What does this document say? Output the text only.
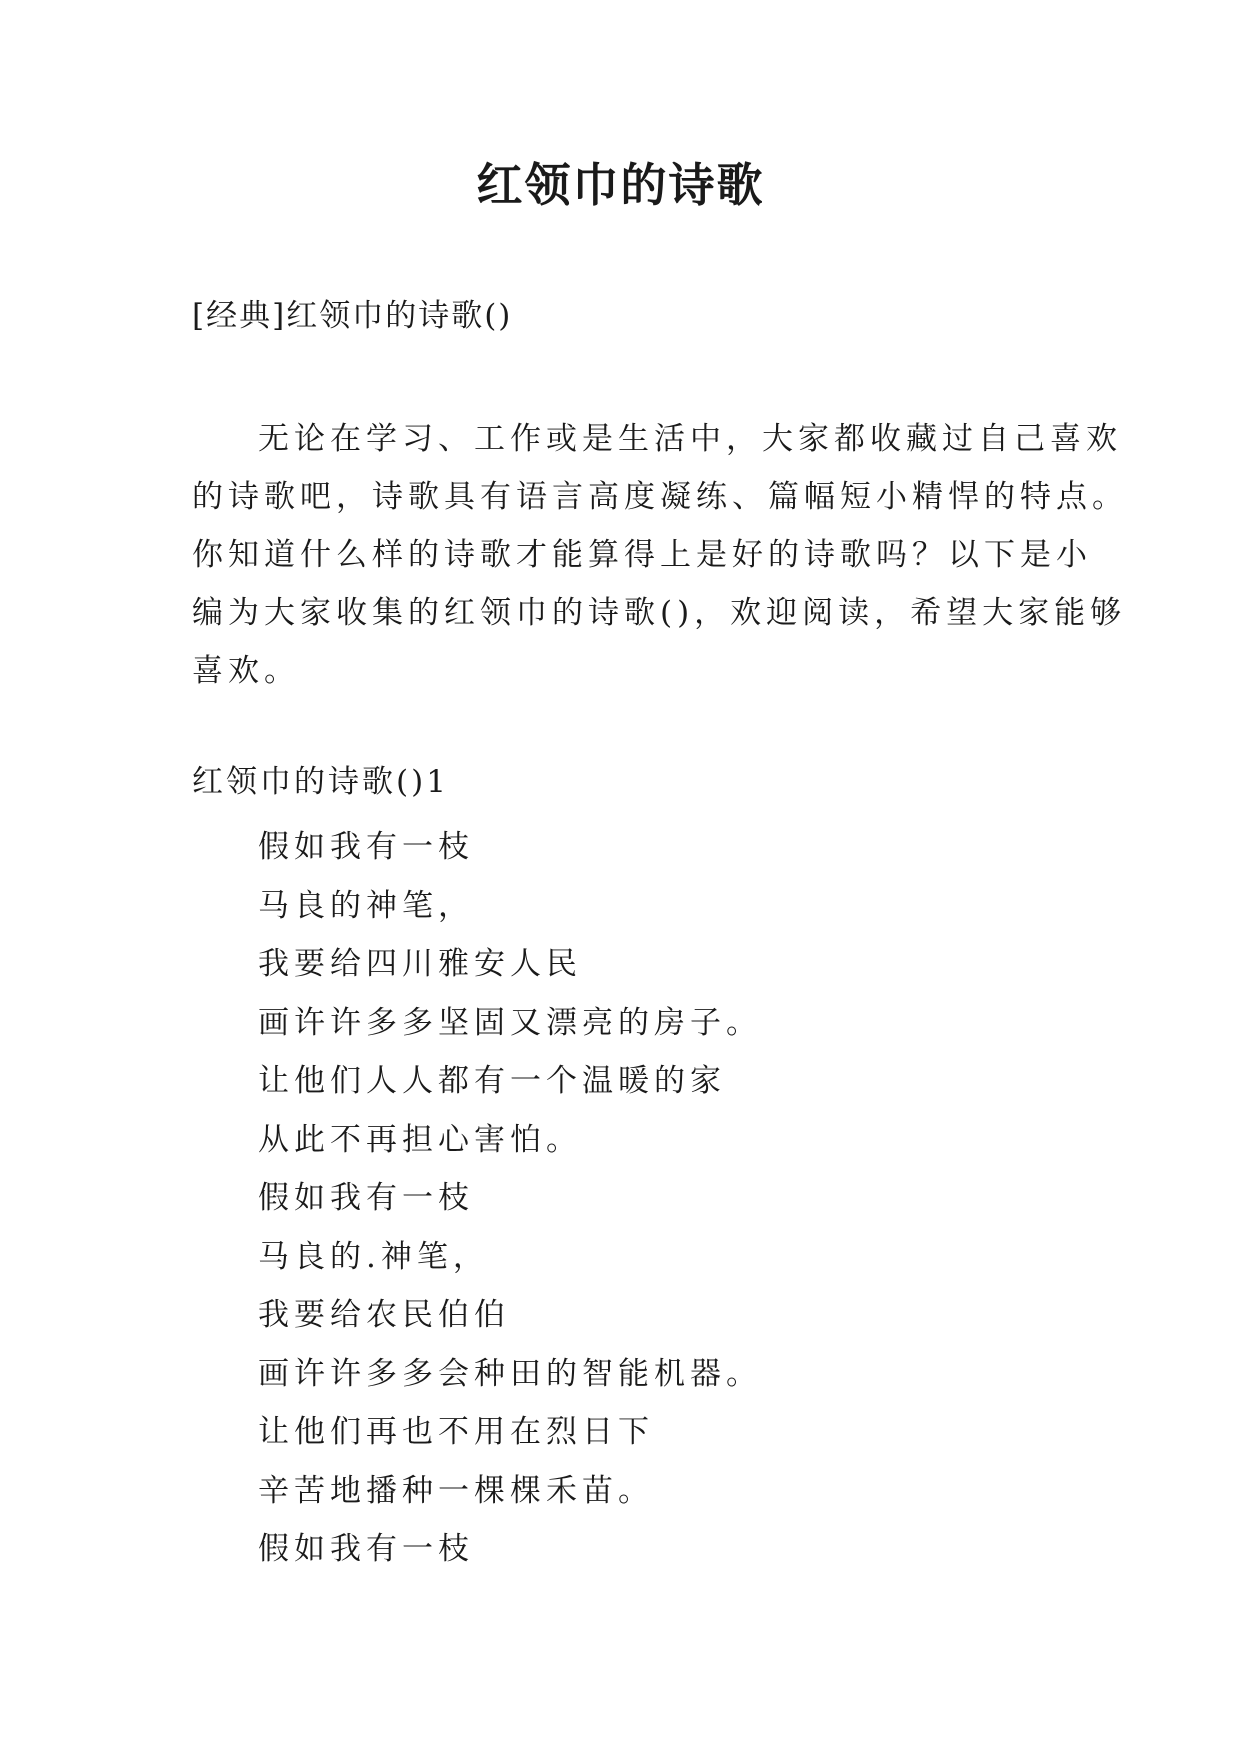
红领巾的诗歌
[经典]红领巾的诗歌()

无论在学习、工作或是生活中，大家都收藏过自己喜欢
的诗歌吧，诗歌具有语言高度凝练、篇幅短小精悍的特点。
你知道什么样的诗歌才能算得上是好的诗歌吗？以下是小
编为大家收集的红领巾的诗歌()，欢迎阅读，希望大家能够
喜欢。

红领巾的诗歌()1
假如我有一枝
马良的神笔，
我要给四川雅安人民
画许许多多坚固又漂亮的房子。
让他们人人都有一个温暖的家
从此不再担心害怕。
假如我有一枝
马良的.神笔，
我要给农民伯伯
画许许多多会种田的智能机器。
让他们再也不用在烈日下
辛苦地播种一棵棵禾苗。
假如我有一枝
